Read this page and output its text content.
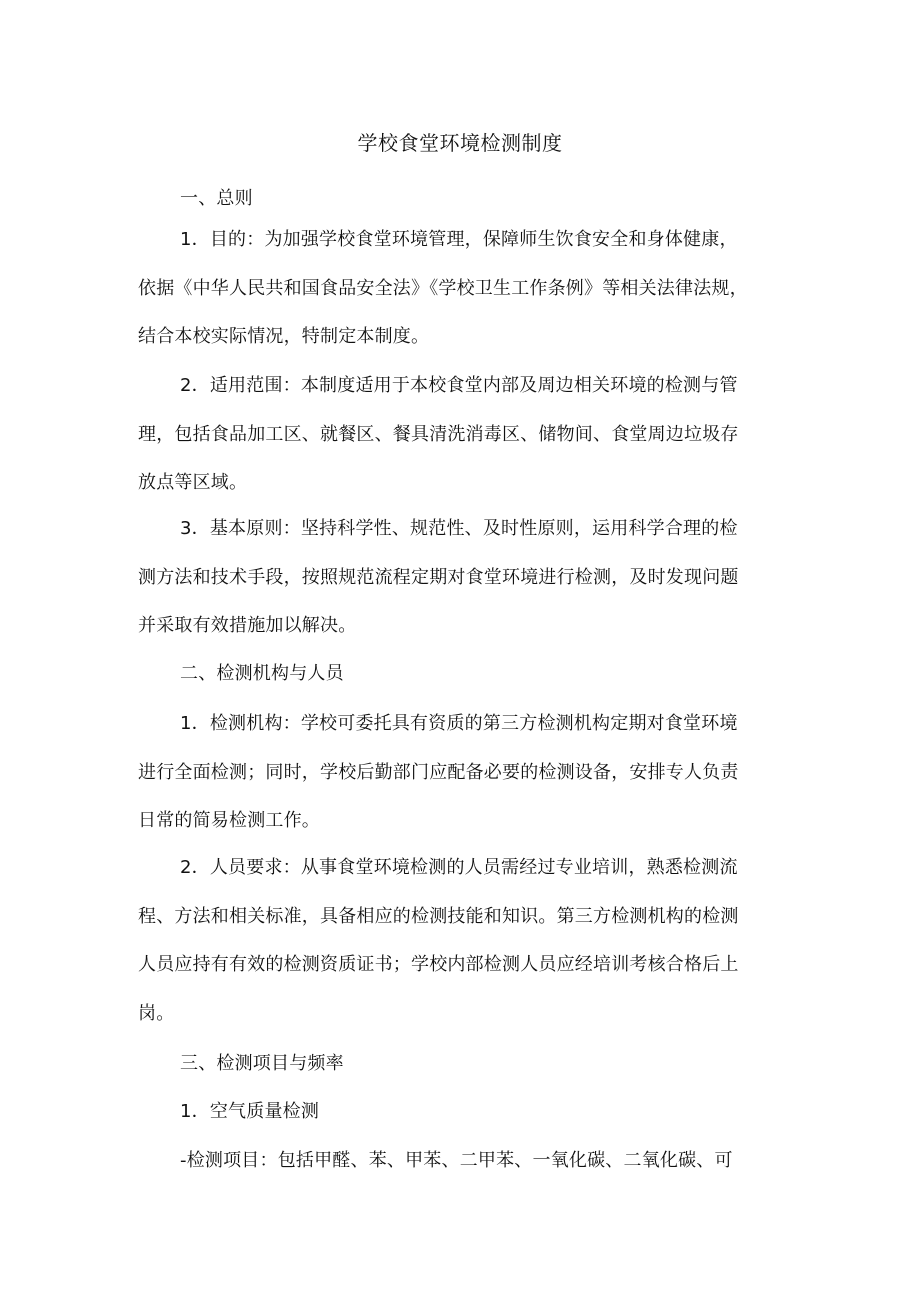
学校食堂环境检测制度

一、总则

1．目的：为加强学校食堂环境管理，保障师生饮食安全和身体健康，
依据《中华人民共和国食品安全法》《学校卫生工作条例》等相关法律法规，
结合本校实际情况，特制定本制度。

2．适用范围：本制度适用于本校食堂内部及周边相关环境的检测与管
理，包括食品加工区、就餐区、餐具清洗消毒区、储物间、食堂周边垃圾存
放点等区域。

3．基本原则：坚持科学性、规范性、及时性原则，运用科学合理的检
测方法和技术手段，按照规范流程定期对食堂环境进行检测，及时发现问题
并采取有效措施加以解决。

二、检测机构与人员

1．检测机构：学校可委托具有资质的第三方检测机构定期对食堂环境
进行全面检测；同时，学校后勤部门应配备必要的检测设备，安排专人负责
日常的简易检测工作。

2．人员要求：从事食堂环境检测的人员需经过专业培训，熟悉检测流
程、方法和相关标准，具备相应的检测技能和知识。第三方检测机构的检测
人员应持有有效的检测资质证书；学校内部检测人员应经培训考核合格后上
岗。

三、检测项目与频率

1．空气质量检测

-检测项目：包括甲醛、苯、甲苯、二甲苯、一氧化碳、二氧化碳、可
